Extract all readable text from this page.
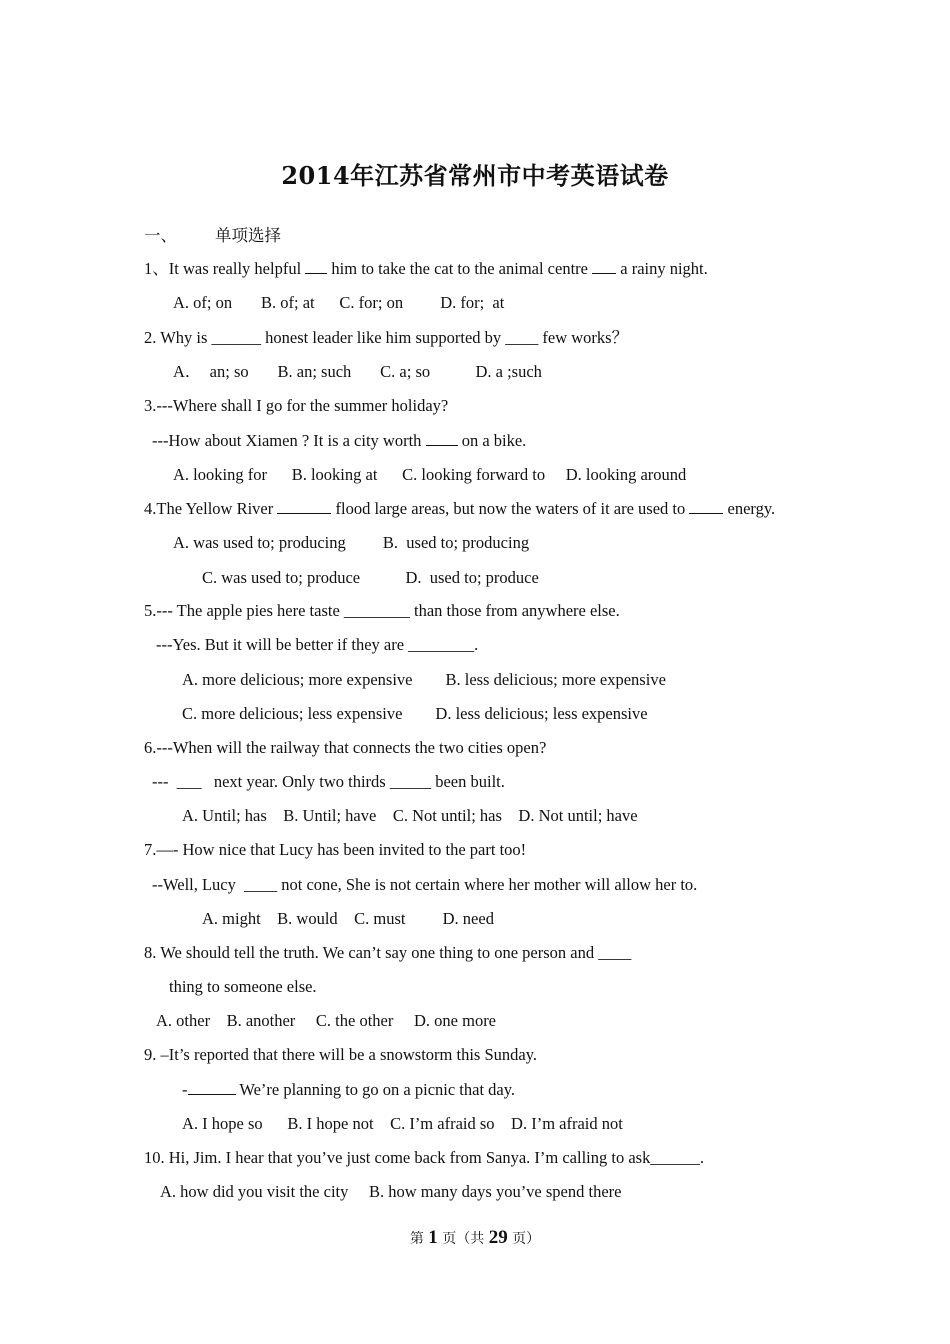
2014年江苏省常州市中考英语试卷
一、 单项选择
1、It was really helpful  him to take the cat to the animal centre  a rainy night.
A. of; on       B. of; at      C. for; on         D. for;  at
2. Why is ______ honest leader like him supported by ____ few works？
A．  an; so       B. an; such       C. a; so           D. a ;such
3.---Where shall I go for the summer holiday?
---How about Xiamen ? It is a city worth  on a bike.
A. looking for      B. looking at      C. looking forward to     D. looking around
4.The Yellow River	flood large areas, but now the waters of it are used to  energy.
A. was used to; producing         B.  used to; producing
C. was used to; produce           D.  used to; produce
5.--- The apple pies here taste ________ than those from anywhere else.
---Yes. But it will be better if they are ________.
A. more delicious; more expensive        B. less delicious; more expensive
C. more delicious; less expensive        D. less delicious; less expensive
6.---When will the railway that connects the two cities open?
---  ___   next year. Only two thirds _____ been built.
A. Until; has    B. Until; have    C. Not until; has    D. Not until; have
7.—- How nice that Lucy has been invited to the part too!
--Well, Lucy  ____ not cone, She is not certain where her mother will allow her to.
A. might    B. would    C. must         D. need
8. We should tell the truth. We can’t say one thing to one person and ____
thing to someone else.
A. other    B. another     C. the other     D. one more
9. –It’s reported that there will be a snowstorm this Sunday.
-	We’re planning to go on a picnic that day.
A. I hope so      B. I hope not    C. I’m afraid so    D. I’m afraid not
10. Hi, Jim. I hear that you’ve just come back from Sanya. I’m calling to ask______.
A. how did you visit the city     B. how many days you’ve spend there
第 1 页（共 29 页）
